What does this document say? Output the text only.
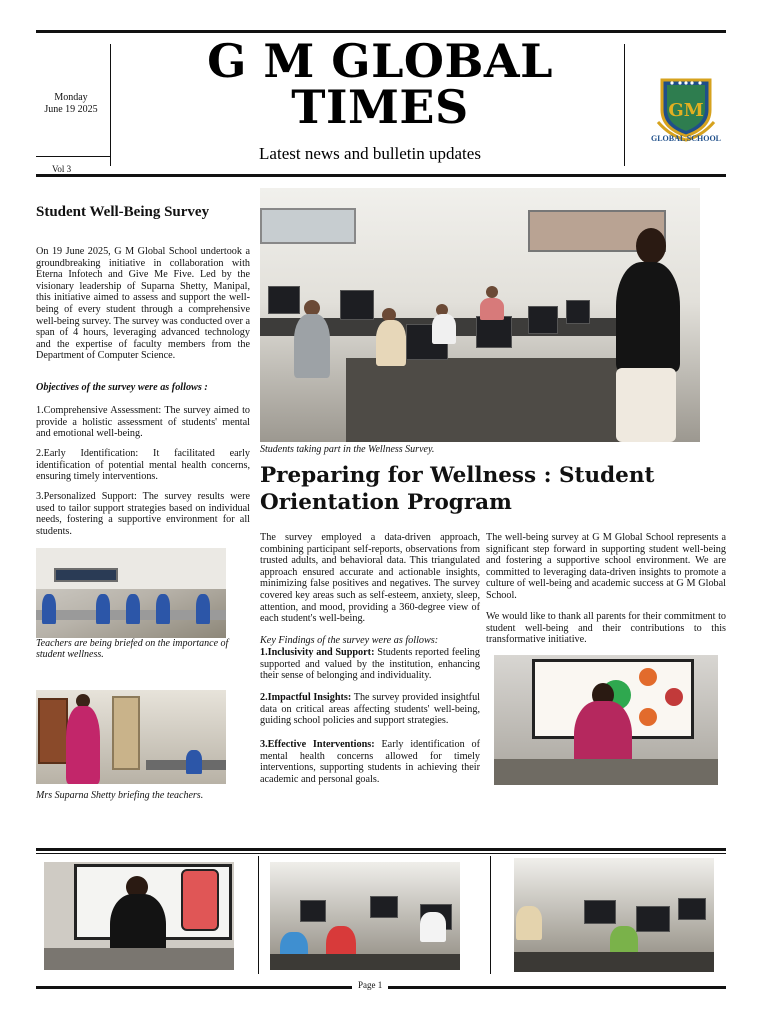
Monday
June 19 2025
Vol 3
G M GLOBAL
TIMES
Latest news and bulletin updates
GM
GLOBAL SCHOOL
Student Well-Being Survey
On 19 June 2025, G M Global School undertook a groundbreaking initiative in collaboration with Eterna Infotech and Give Me Five. Led by the visionary leadership of Suparna Shetty, Manipal, this initiative aimed to assess and support the well-being of every student through a comprehensive well-being survey. The survey was conducted over a span of 4 hours, leveraging advanced technology and the expertise of faculty members from the Department of Computer Science.
Objectives of the survey were as follows :
1.Comprehensive Assessment: The survey aimed to provide a holistic assessment of students' mental and emotional well-being.
2.Early Identification: It facilitated early identification of potential mental health concerns, ensuring timely interventions.
3.Personalized Support: The survey results were used to tailor support strategies based on individual needs, fostering a supportive environment for all students.
Teachers are being briefed on the importance of student wellness.
Mrs Suparna Shetty briefing the teachers.
Students taking part in the Wellness Survey.
Preparing for Wellness : Student Orientation Program
The survey employed a data-driven approach, combining participant self-reports, observations from trusted adults, and behavioral data. This triangulated approach ensured accurate and actionable insights, minimizing false positives and negatives. The survey covered key areas such as self-esteem, anxiety, sleep, attention, and mood, providing a 360-degree view of each student's well-being.
Key Findings of the survey were as follows:
1.Inclusivity and Support: Students reported feeling supported and valued by the institution, enhancing their sense of belonging and individuality.
2.Impactful Insights: The survey provided insightful data on critical areas affecting students' well-being, guiding school policies and support strategies.
3.Effective Interventions: Early identification of mental health concerns allowed for timely interventions, supporting students in achieving their academic and personal goals.
The well-being survey at G M Global School represents a significant step forward in supporting student well-being and fostering a supportive school environment. We are committed to leveraging data-driven insights to promote a culture of well-being and academic success at G M Global School.
We would like to thank all parents for their commitment to student well-being and their contributions to this transformative initiative.
Page 1
